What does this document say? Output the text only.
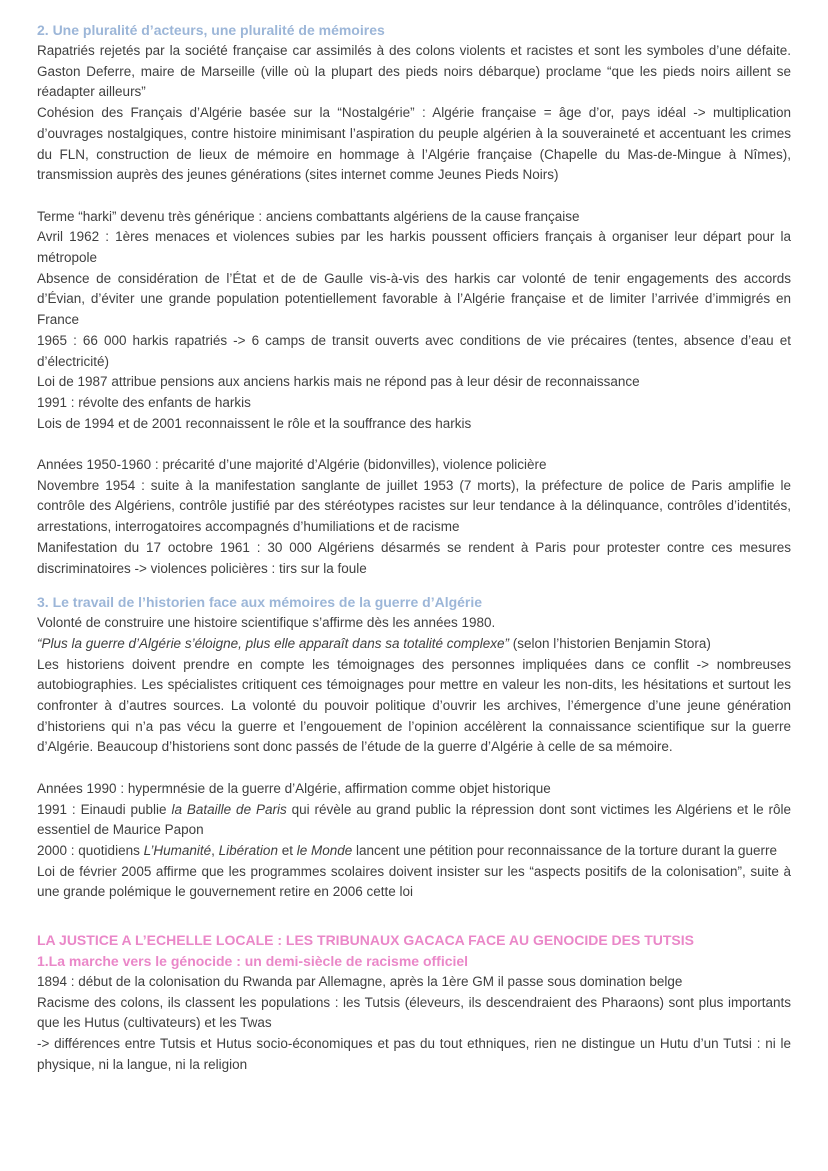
2. Une pluralité d’acteurs, une pluralité de mémoires

Rapatriés rejetés par la société française car assimilés à des colons violents et racistes et sont les symboles d’une défaite. Gaston Deferre, maire de Marseille (ville où la plupart des pieds noirs débarque) proclame “que les pieds noirs aillent se réadapter ailleurs”

Cohésion des Français d’Algérie basée sur la “Nostalgérie” : Algérie française = âge d’or, pays idéal -> multiplication d’ouvrages nostalgiques, contre histoire minimisant l’aspiration du peuple algérien à la souveraineté et accentuant les crimes du FLN, construction de lieux de mémoire en hommage à l’Algérie française (Chapelle du Mas-de-Mingue à Nîmes), transmission auprès des jeunes générations (sites internet comme Jeunes Pieds Noirs)

Terme “harki” devenu très générique : anciens combattants algériens de la cause française

Avril 1962 : 1ères menaces et violences subies par les harkis poussent officiers français à organiser leur départ pour la métropole

Absence de considération de l’État et de de Gaulle vis-à-vis des harkis car volonté de tenir engagements des accords d’Évian, d’éviter une grande population potentiellement favorable à l’Algérie française et de limiter l’arrivée d’immigrés en France

1965 : 66 000 harkis rapatriés -> 6 camps de transit ouverts avec conditions de vie précaires (tentes, absence d’eau et d’électricité)

Loi de 1987 attribue pensions aux anciens harkis mais ne répond pas à leur désir de reconnaissance

1991 : révolte des enfants de harkis

Lois de 1994 et de 2001 reconnaissent le rôle et la souffrance des harkis

Années 1950-1960 : précarité d’une majorité d’Algérie (bidonvilles), violence policière

Novembre 1954 : suite à la manifestation sanglante de juillet 1953 (7 morts), la préfecture de police de Paris amplifie le contrôle des Algériens, contrôle justifié par des stéréotypes racistes sur leur tendance à la délinquance, contrôles d’identités, arrestations, interrogatoires accompagnés d’humiliations et de racisme

Manifestation du 17 octobre 1961 : 30 000 Algériens désarmés se rendent à Paris pour protester contre ces mesures discriminatoires -> violences policières : tirs sur la foule

3. Le travail de l’historien face aux mémoires de la guerre d’Algérie

Volonté de construire une histoire scientifique s’affirme dès les années 1980.

“Plus la guerre d’Algérie s’éloigne, plus elle apparaît dans sa totalité complexe” (selon l’historien Benjamin Stora)

Les historiens doivent prendre en compte les témoignages des personnes impliquées dans ce conflit -> nombreuses autobiographies. Les spécialistes critiquent ces témoignages pour mettre en valeur les non-dits, les hésitations et surtout les confronter à d’autres sources. La volonté du pouvoir politique d’ouvrir les archives, l’émergence d’une jeune génération d’historiens qui n’a pas vécu la guerre et l’engouement de l’opinion accélèrent la connaissance scientifique sur la guerre d’Algérie. Beaucoup d’historiens sont donc passés de l’étude de la guerre d’Algérie à celle de sa mémoire.

Années 1990 : hypermnésie de la guerre d’Algérie, affirmation comme objet historique

1991 : Einaudi publie la Bataille de Paris qui révèle au grand public la répression dont sont victimes les Algériens et le rôle essentiel de Maurice Papon

2000 : quotidiens L’Humanité, Libération et le Monde lancent une pétition pour reconnaissance de la torture durant la guerre

Loi de février 2005 affirme que les programmes scolaires doivent insister sur les “aspects positifs de la colonisation”, suite à une grande polémique le gouvernement retire en 2006 cette loi

LA JUSTICE A L’ECHELLE LOCALE : LES TRIBUNAUX GACACA FACE AU GENOCIDE DES TUTSIS
1.La marche vers le génocide : un demi-siècle de racisme officiel

1894 : début de la colonisation du Rwanda par Allemagne, après la 1ère GM il passe sous domination belge

Racisme des colons, ils classent les populations : les Tutsis (éleveurs, ils descendraient des Pharaons) sont plus importants que les Hutus (cultivateurs) et les Twas

-> différences entre Tutsis et Hutus socio-économiques et pas du tout ethniques, rien ne distingue un Hutu d’un Tutsi : ni le physique, ni la langue, ni la religion
